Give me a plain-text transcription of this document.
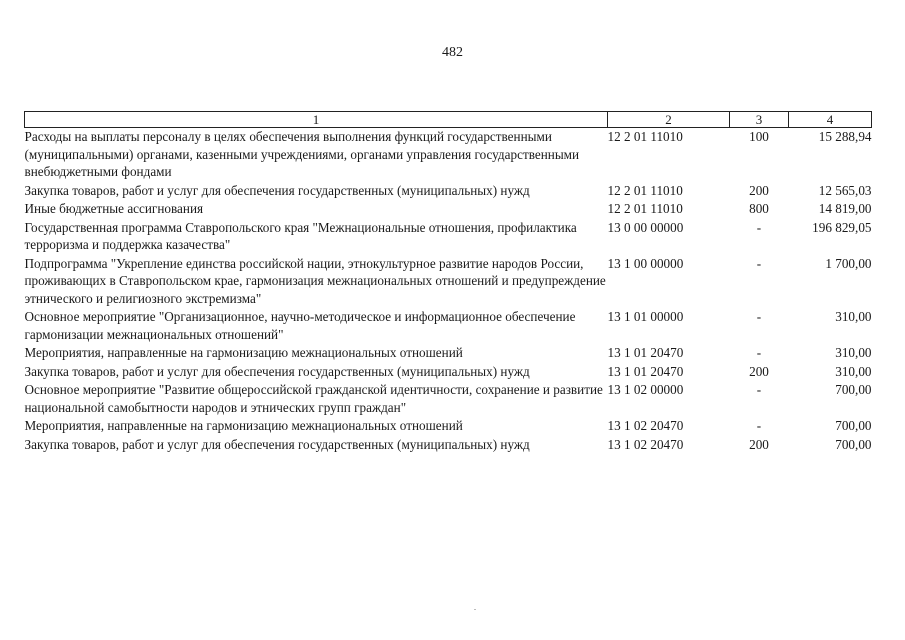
482
1	2	3	4
Расходы на выплаты персоналу в целях обеспечения выполнения функций государственными (муниципальными) органами, казенными учреждениями, органами управления государственными внебюджетными фондами	12 2 01 11010	100	15 288,94
Закупка товаров, работ и услуг для обеспечения государственных (муниципальных) нужд	12 2 01 11010	200	12 565,03
Иные бюджетные ассигнования	12 2 01 11010	800	14 819,00
Государственная программа Ставропольского края "Межнациональные отношения, профилактика терроризма и поддержка казачества"	13 0 00 00000	-	196 829,05
Подпрограмма "Укрепление единства российской нации, этнокультурное развитие народов России, проживающих в Ставропольском крае, гармонизация межнациональных отношений и предупреждение этнического и религиозного экстремизма"	13 1 00 00000	-	1 700,00
Основное мероприятие "Организационное, научно-методическое и информационное обеспечение гармонизации межнациональных отношений"	13 1 01 00000	-	310,00
Мероприятия, направленные на гармонизацию межнациональных отношений	13 1 01 20470	-	310,00
Закупка товаров, работ и услуг для обеспечения государственных (муниципальных) нужд	13 1 01 20470	200	310,00
Основное мероприятие "Развитие общероссийской гражданской идентичности, сохранение и развитие национальной самобытности народов и этнических групп граждан"	13 1 02 00000	-	700,00
Мероприятия, направленные на гармонизацию межнациональных отношений	13 1 02 20470	-	700,00
Закупка товаров, работ и услуг для обеспечения государственных (муниципальных) нужд	13 1 02 20470	200	700,00
